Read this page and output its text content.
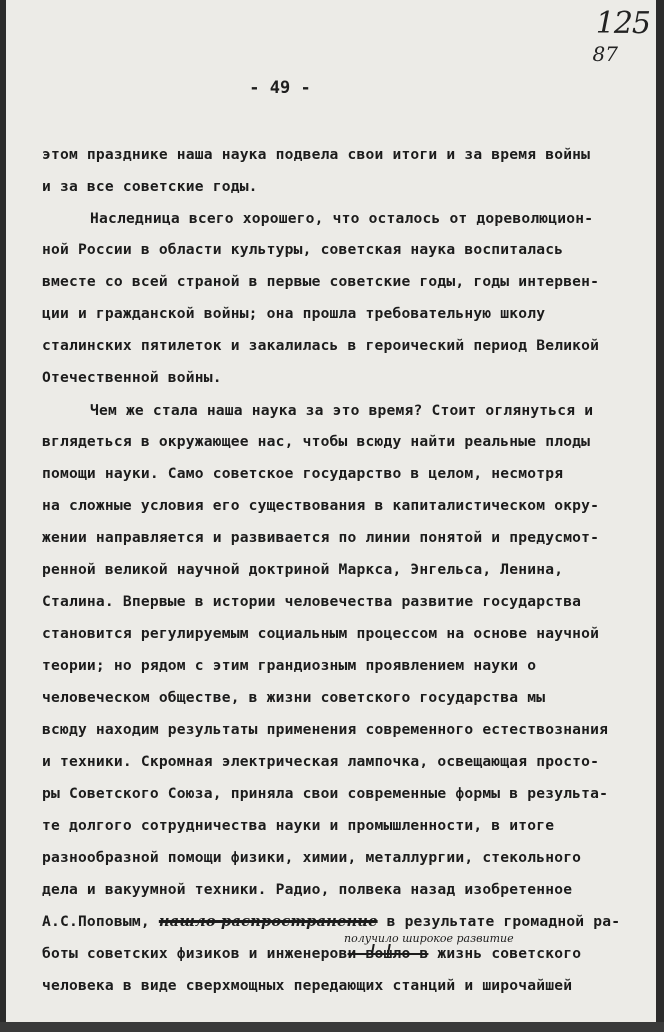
125
87
- 49 -
этом празднике наша наука подвела свои итоги и за время войны
и за все советские годы.
Наследница всего хорошего, что осталось от дореволюцион-
ной России в области культуры, советская наука воспиталась
вместе со всей страной в первые советские годы, годы интервен-
ции и гражданской войны; она прошла требовательную школу
сталинских пятилеток и закалилась в героический период Великой
Отечественной войны.
Чем же стала наша наука за это время? Стоит оглянуться и
вглядеться в окружающее нас, чтобы всюду найти реальные плоды
помощи науки. Само советское государство в целом, несмотря
на сложные условия его существования в капиталистическом окру-
жении направляется и развивается по линии понятой и предусмот-
ренной великой научной доктриной Маркса, Энгельса, Ленина,
Сталина. Впервые в истории человечества развитие государства
становится регулируемым социальным процессом на основе научной
теории; но рядом с этим грандиозным проявлением науки о
человеческом обществе, в жизни советского государства мы
всюду находим результаты применения современного естествознания
и техники. Скромная электрическая лампочка, освещающая просто-
ры Советского Союза, приняла свои современные формы в результа-
те долгого сотрудничества науки и промышленности, в итоге
разнообразной помощи физики, химии, металлургии, стекольного
дела и вакуумной техники. Радио, полвека назад изобретенное
А.С.Поповым, нашло распространение в результате громадной ра-
получило широкое развитие
боты советских физиков и инженерови вошло в жизнь советского
человека в виде сверхмощных передающих станций и широчайшей
